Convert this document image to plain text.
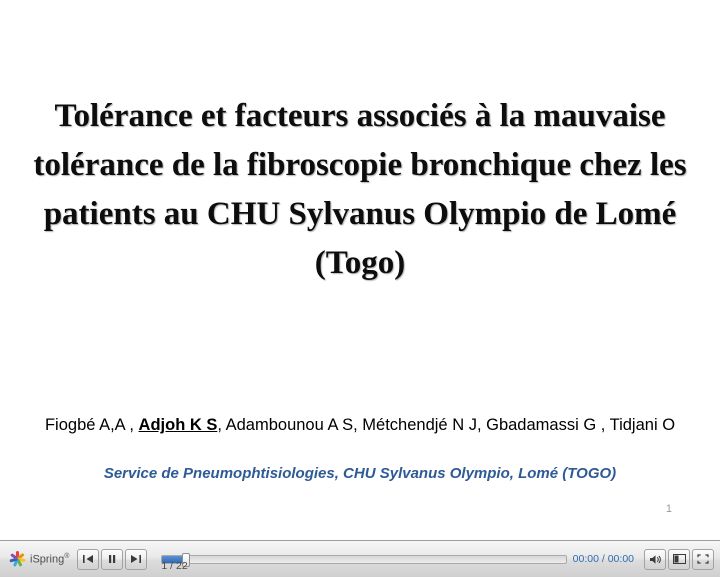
Tolérance et facteurs associés à la mauvaise tolérance de la fibroscopie bronchique chez les patients au CHU Sylvanus Olympio de Lomé (Togo)
Fiogbé A,A , Adjoh K S, Adambounou A S, Métchendjé N J, Gbadamassi G , Tidjani O
Service de Pneumophtisiologies, CHU Sylvanus Olympio, Lomé (TOGO)
1
iSpring®
1 / 22
00:00 / 00:00
